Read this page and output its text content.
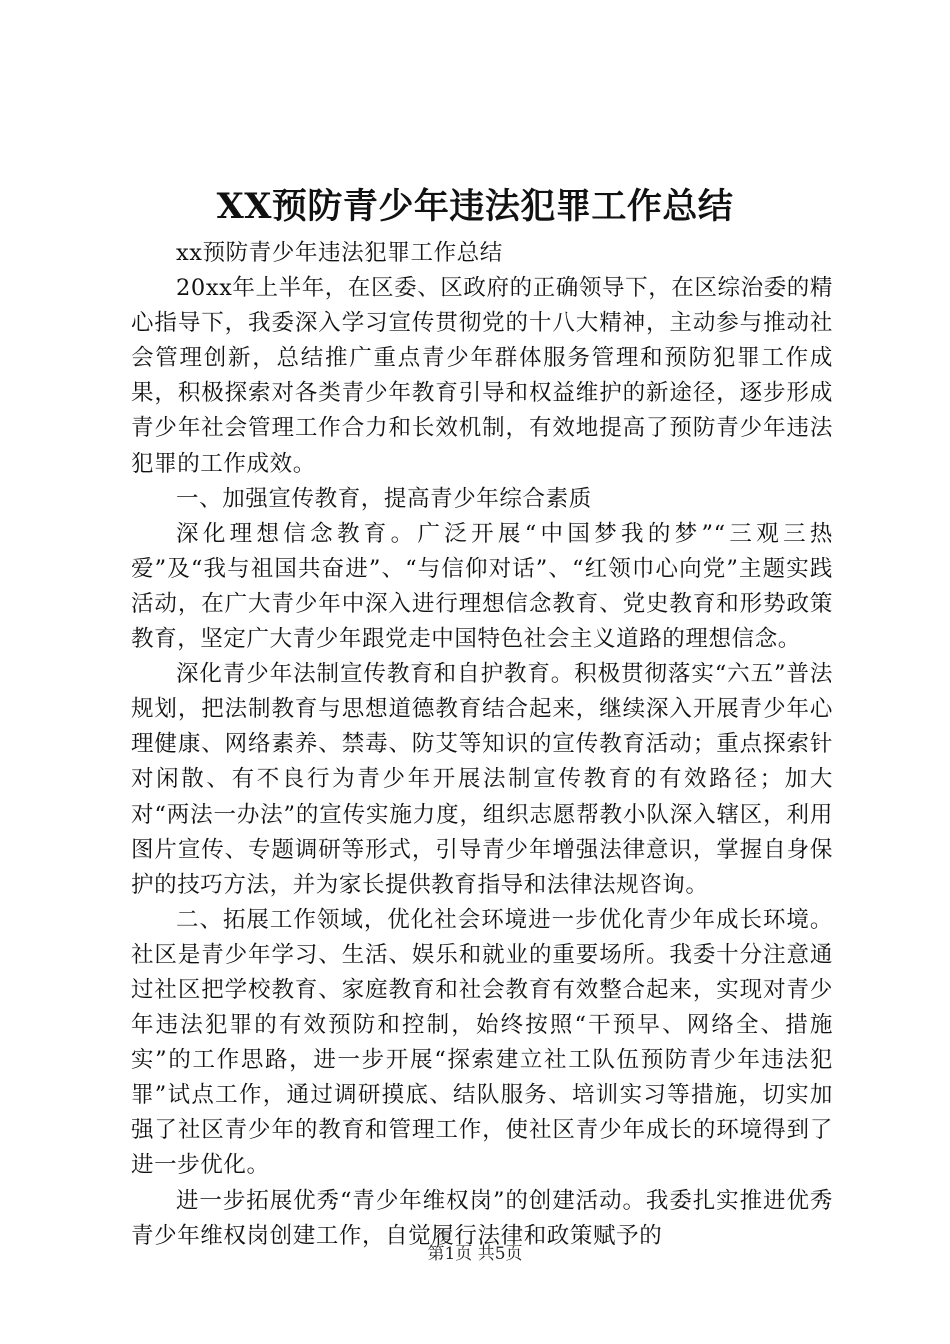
XX预防青少年违法犯罪工作总结

xx预防青少年违法犯罪工作总结

20xx年上半年，在区委、区政府的正确领导下，在区综治委的精心指导下，我委深入学习宣传贯彻党的十八大精神，主动参与推动社会管理创新，总结推广重点青少年群体服务管理和预防犯罪工作成果，积极探索对各类青少年教育引导和权益维护的新途径，逐步形成青少年社会管理工作合力和长效机制，有效地提高了预防青少年违法犯罪的工作成效。

一、加强宣传教育，提高青少年综合素质

深化理想信念教育。广泛开展“中国梦我的梦”“三观三热爱”及“我与祖国共奋进”、“与信仰对话”、“红领巾心向党”主题实践活动，在广大青少年中深入进行理想信念教育、党史教育和形势政策教育，坚定广大青少年跟党走中国特色社会主义道路的理想信念。

深化青少年法制宣传教育和自护教育。积极贯彻落实“六五”普法规划，把法制教育与思想道德教育结合起来，继续深入开展青少年心理健康、网络素养、禁毒、防艾等知识的宣传教育活动；重点探索针对闲散、有不良行为青少年开展法制宣传教育的有效路径；加大对“两法一办法”的宣传实施力度，组织志愿帮教小队深入辖区，利用图片宣传、专题调研等形式，引导青少年增强法律意识，掌握自身保护的技巧方法，并为家长提供教育指导和法律法规咨询。

二、拓展工作领域，优化社会环境进一步优化青少年成长环境。社区是青少年学习、生活、娱乐和就业的重要场所。我委十分注意通过社区把学校教育、家庭教育和社会教育有效整合起来，实现对青少年违法犯罪的有效预防和控制，始终按照“干预早、网络全、措施实”的工作思路，进一步开展“探索建立社工队伍预防青少年违法犯罪”试点工作，通过调研摸底、结队服务、培训实习等措施，切实加强了社区青少年的教育和管理工作，使社区青少年成长的环境得到了进一步优化。

进一步拓展优秀“青少年维权岗”的创建活动。我委扎实推进优秀青少年维权岗创建工作，自觉履行法律和政策赋予的

第1页 共5页
